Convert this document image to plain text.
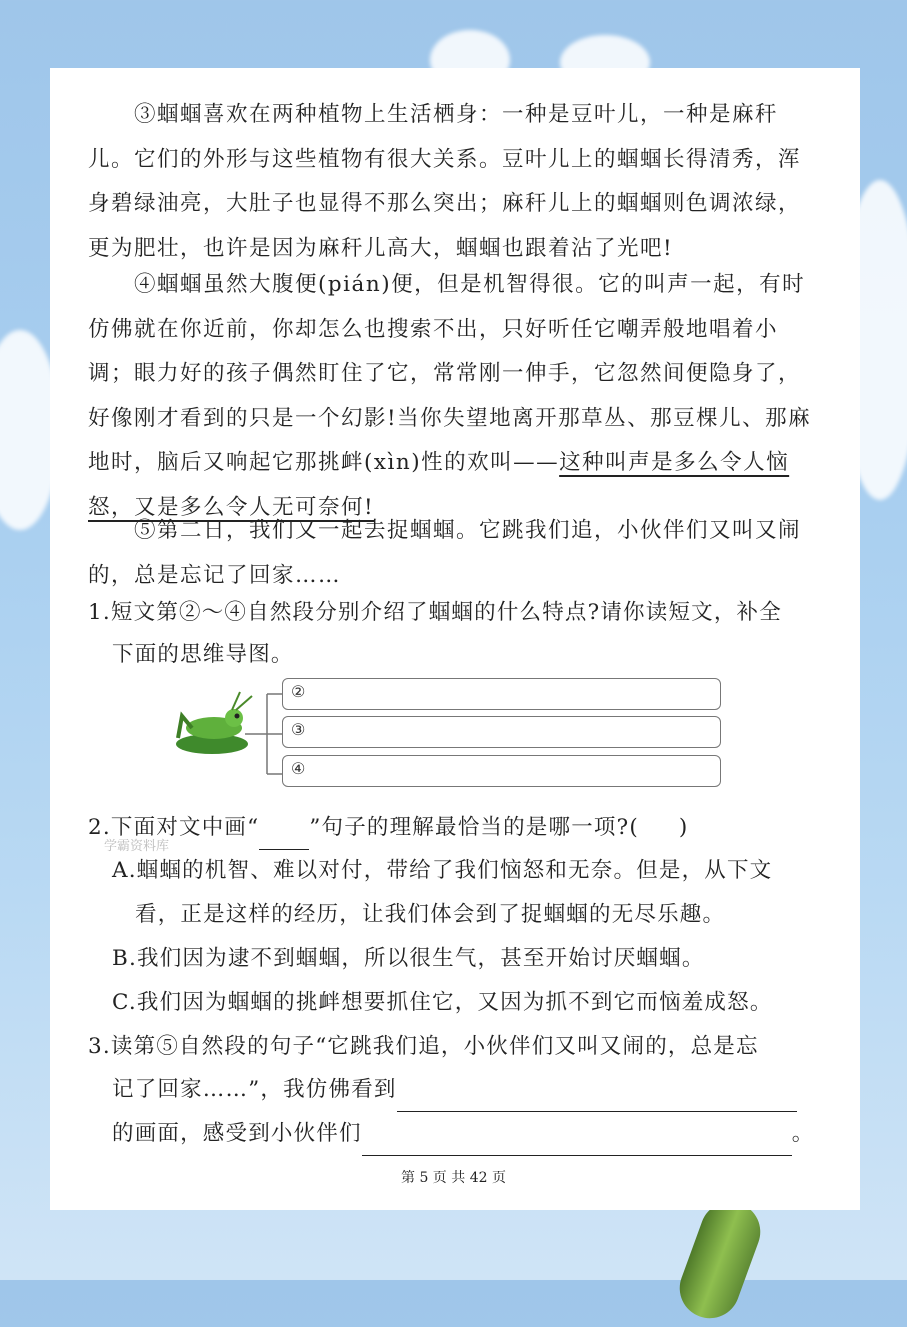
③蝈蝈喜欢在两种植物上生活栖身：一种是豆叶儿，一种是麻秆儿。它们的外形与这些植物有很大关系。豆叶儿上的蝈蝈长得清秀，浑身碧绿油亮，大肚子也显得不那么突出；麻秆儿上的蝈蝈则色调浓绿，更为肥壮，也许是因为麻秆儿高大，蝈蝈也跟着沾了光吧!
④蝈蝈虽然大腹便(pián)便，但是机智得很。它的叫声一起，有时仿佛就在你近前，你却怎么也搜索不出，只好听任它嘲弄般地唱着小调；眼力好的孩子偶然盯住了它，常常刚一伸手，它忽然间便隐身了，好像刚才看到的只是一个幻影!当你失望地离开那草丛、那豆棵儿、那麻地时，脑后又响起它那挑衅(xìn)性的欢叫——这种叫声是多么令人恼怒，又是多么令人无可奈何!
⑤第二日，我们又一起去捉蝈蝈。它跳我们追，小伙伴们又叫又闹的，总是忘记了回家……
1.短文第②～④自然段分别介绍了蝈蝈的什么特点?请你读短文，补全
下面的思维导图。
②
③
④
2.下面对文中画“ ”句子的理解最恰当的是哪一项?( )
学霸资料库
A.蝈蝈的机智、难以对付，带给了我们恼怒和无奈。但是，从下文
看，正是这样的经历，让我们体会到了捉蝈蝈的无尽乐趣。
B.我们因为逮不到蝈蝈，所以很生气，甚至开始讨厌蝈蝈。
C.我们因为蝈蝈的挑衅想要抓住它，又因为抓不到它而恼羞成怒。
3.读第⑤自然段的句子“它跳我们追，小伙伴们又叫又闹的，总是忘
记了回家……”，我仿佛看到
的画面，感受到小伙伴们	。
第 5 页 共 42 页
